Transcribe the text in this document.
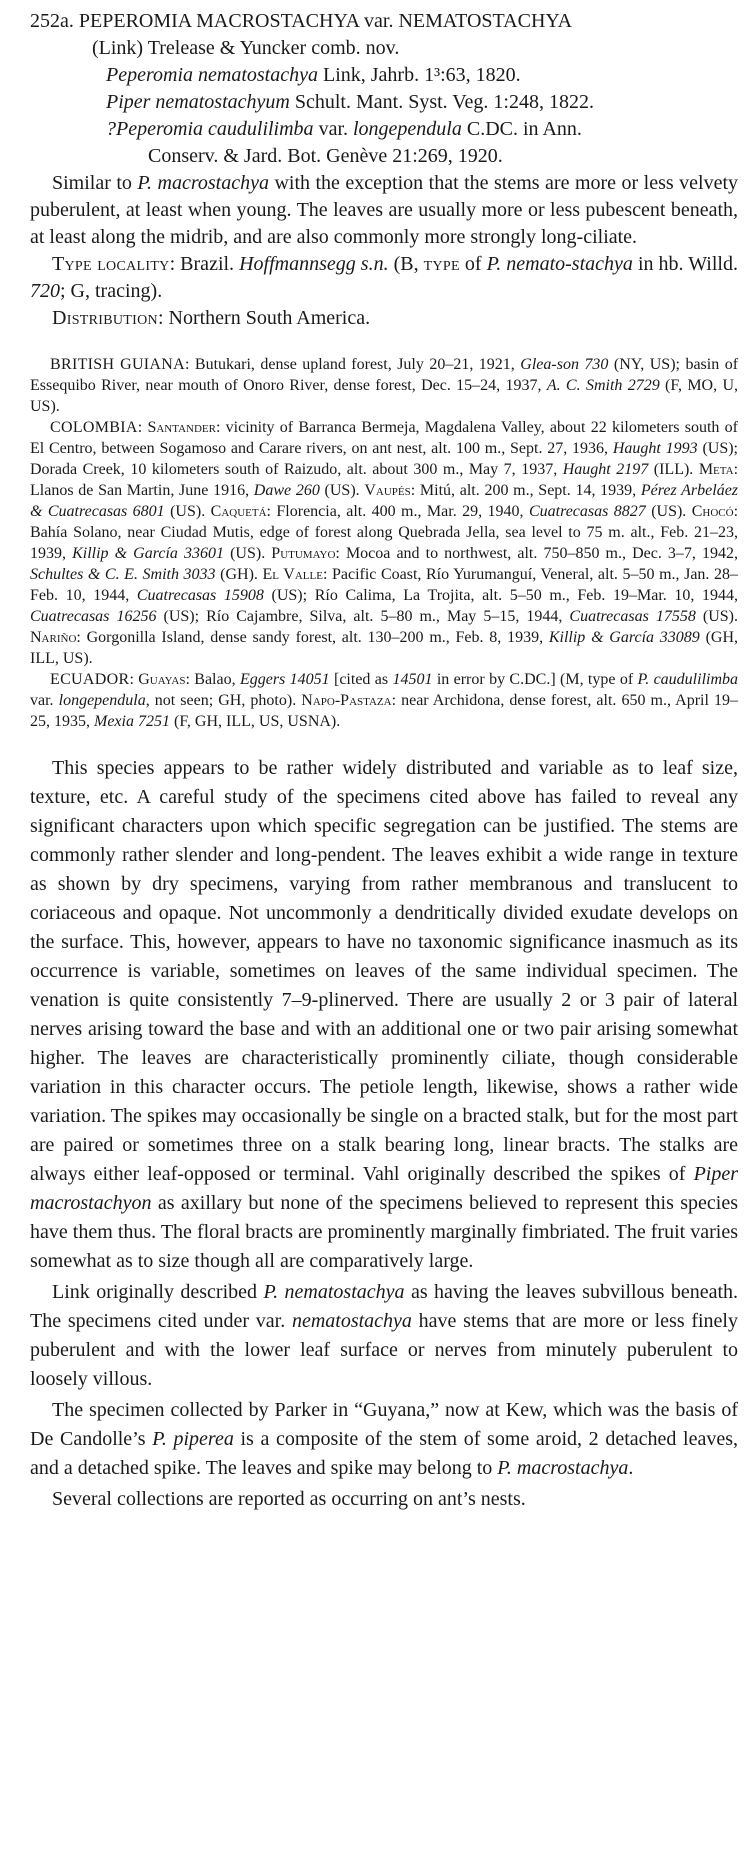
252a. PEPEROMIA MACROSTACHYA var. NEMATOSTACHYA

(Link) Trelease & Yuncker comb. nov.

Peperomia nematostachya Link, Jahrb. 1³:63, 1820.

Piper nematostachyum Schult. Mant. Syst. Veg. 1:248, 1822.

?Peperomia caudulilimba var. longependula C.DC. in Ann.

Conserv. & Jard. Bot. Genève 21:269, 1920.

Similar to P. macrostachya with the exception that the stems are more or less velvety puberulent, at least when young. The leaves are usually more or less pubescent beneath, at least along the midrib, and are also commonly more strongly long-ciliate.

Type locality: Brazil. Hoffmannsegg s.n. (B, type of P. nemato-stachya in hb. Willd. 720; G, tracing).

Distribution: Northern South America.

BRITISH GUIANA: Butukari, dense upland forest, July 20–21, 1921, Glea-son 730 (NY, US); basin of Essequibo River, near mouth of Onoro River, dense forest, Dec. 15–24, 1937, A. C. Smith 2729 (F, MO, U, US).

COLOMBIA: Santander: vicinity of Barranca Bermeja, Magdalena Valley, about 22 kilometers south of El Centro, between Sogamoso and Carare rivers, on ant nest, alt. 100 m., Sept. 27, 1936, Haught 1993 (US); Dorada Creek, 10 kilometers south of Raizudo, alt. about 300 m., May 7, 1937, Haught 2197 (ILL). Meta: Llanos de San Martin, June 1916, Dawe 260 (US). Vaupés: Mitú, alt. 200 m., Sept. 14, 1939, Pérez Arbeláez & Cuatrecasas 6801 (US). Caquetá: Florencia, alt. 400 m., Mar. 29, 1940, Cuatrecasas 8827 (US). Chocó: Bahía Solano, near Ciudad Mutis, edge of forest along Quebrada Jella, sea level to 75 m. alt., Feb. 21–23, 1939, Killip & García 33601 (US). Putumayo: Mocoa and to northwest, alt. 750–850 m., Dec. 3–7, 1942, Schultes & C. E. Smith 3033 (GH). El Valle: Pacific Coast, Río Yurumanguí, Veneral, alt. 5–50 m., Jan. 28–Feb. 10, 1944, Cuatrecasas 15908 (US); Río Calima, La Trojita, alt. 5–50 m., Feb. 19–Mar. 10, 1944, Cuatrecasas 16256 (US); Río Cajambre, Silva, alt. 5–80 m., May 5–15, 1944, Cuatrecasas 17558 (US). Nariño: Gorgonilla Island, dense sandy forest, alt. 130–200 m., Feb. 8, 1939, Killip & García 33089 (GH, ILL, US).

ECUADOR: Guayas: Balao, Eggers 14051 [cited as 14501 in error by C.DC.] (M, type of P. caudulilimba var. longependula, not seen; GH, photo). Napo-Pastaza: near Archidona, dense forest, alt. 650 m., April 19–25, 1935, Mexia 7251 (F, GH, ILL, US, USNA).

This species appears to be rather widely distributed and variable as to leaf size, texture, etc. A careful study of the specimens cited above has failed to reveal any significant characters upon which specific segregation can be justified. The stems are commonly rather slender and long-pendent. The leaves exhibit a wide range in texture as shown by dry specimens, varying from rather membranous and translucent to coriaceous and opaque. Not uncommonly a dendritically divided exudate develops on the surface. This, however, appears to have no taxonomic significance inasmuch as its occurrence is variable, sometimes on leaves of the same individual specimen. The venation is quite consistently 7–9-plinerved. There are usually 2 or 3 pair of lateral nerves arising toward the base and with an additional one or two pair arising somewhat higher. The leaves are characteristically prominently ciliate, though considerable variation in this character occurs. The petiole length, likewise, shows a rather wide variation. The spikes may occasionally be single on a bracted stalk, but for the most part are paired or sometimes three on a stalk bearing long, linear bracts. The stalks are always either leaf-opposed or terminal. Vahl originally described the spikes of Piper macrostachyon as axillary but none of the specimens believed to represent this species have them thus. The floral bracts are prominently marginally fimbriated. The fruit varies somewhat as to size though all are comparatively large.

Link originally described P. nematostachya as having the leaves subvillous beneath. The specimens cited under var. nematostachya have stems that are more or less finely puberulent and with the lower leaf surface or nerves from minutely puberulent to loosely villous.

The specimen collected by Parker in “Guyana,” now at Kew, which was the basis of De Candolle’s P. piperea is a composite of the stem of some aroid, 2 detached leaves, and a detached spike. The leaves and spike may belong to P. macrostachya.

Several collections are reported as occurring on ant’s nests.
